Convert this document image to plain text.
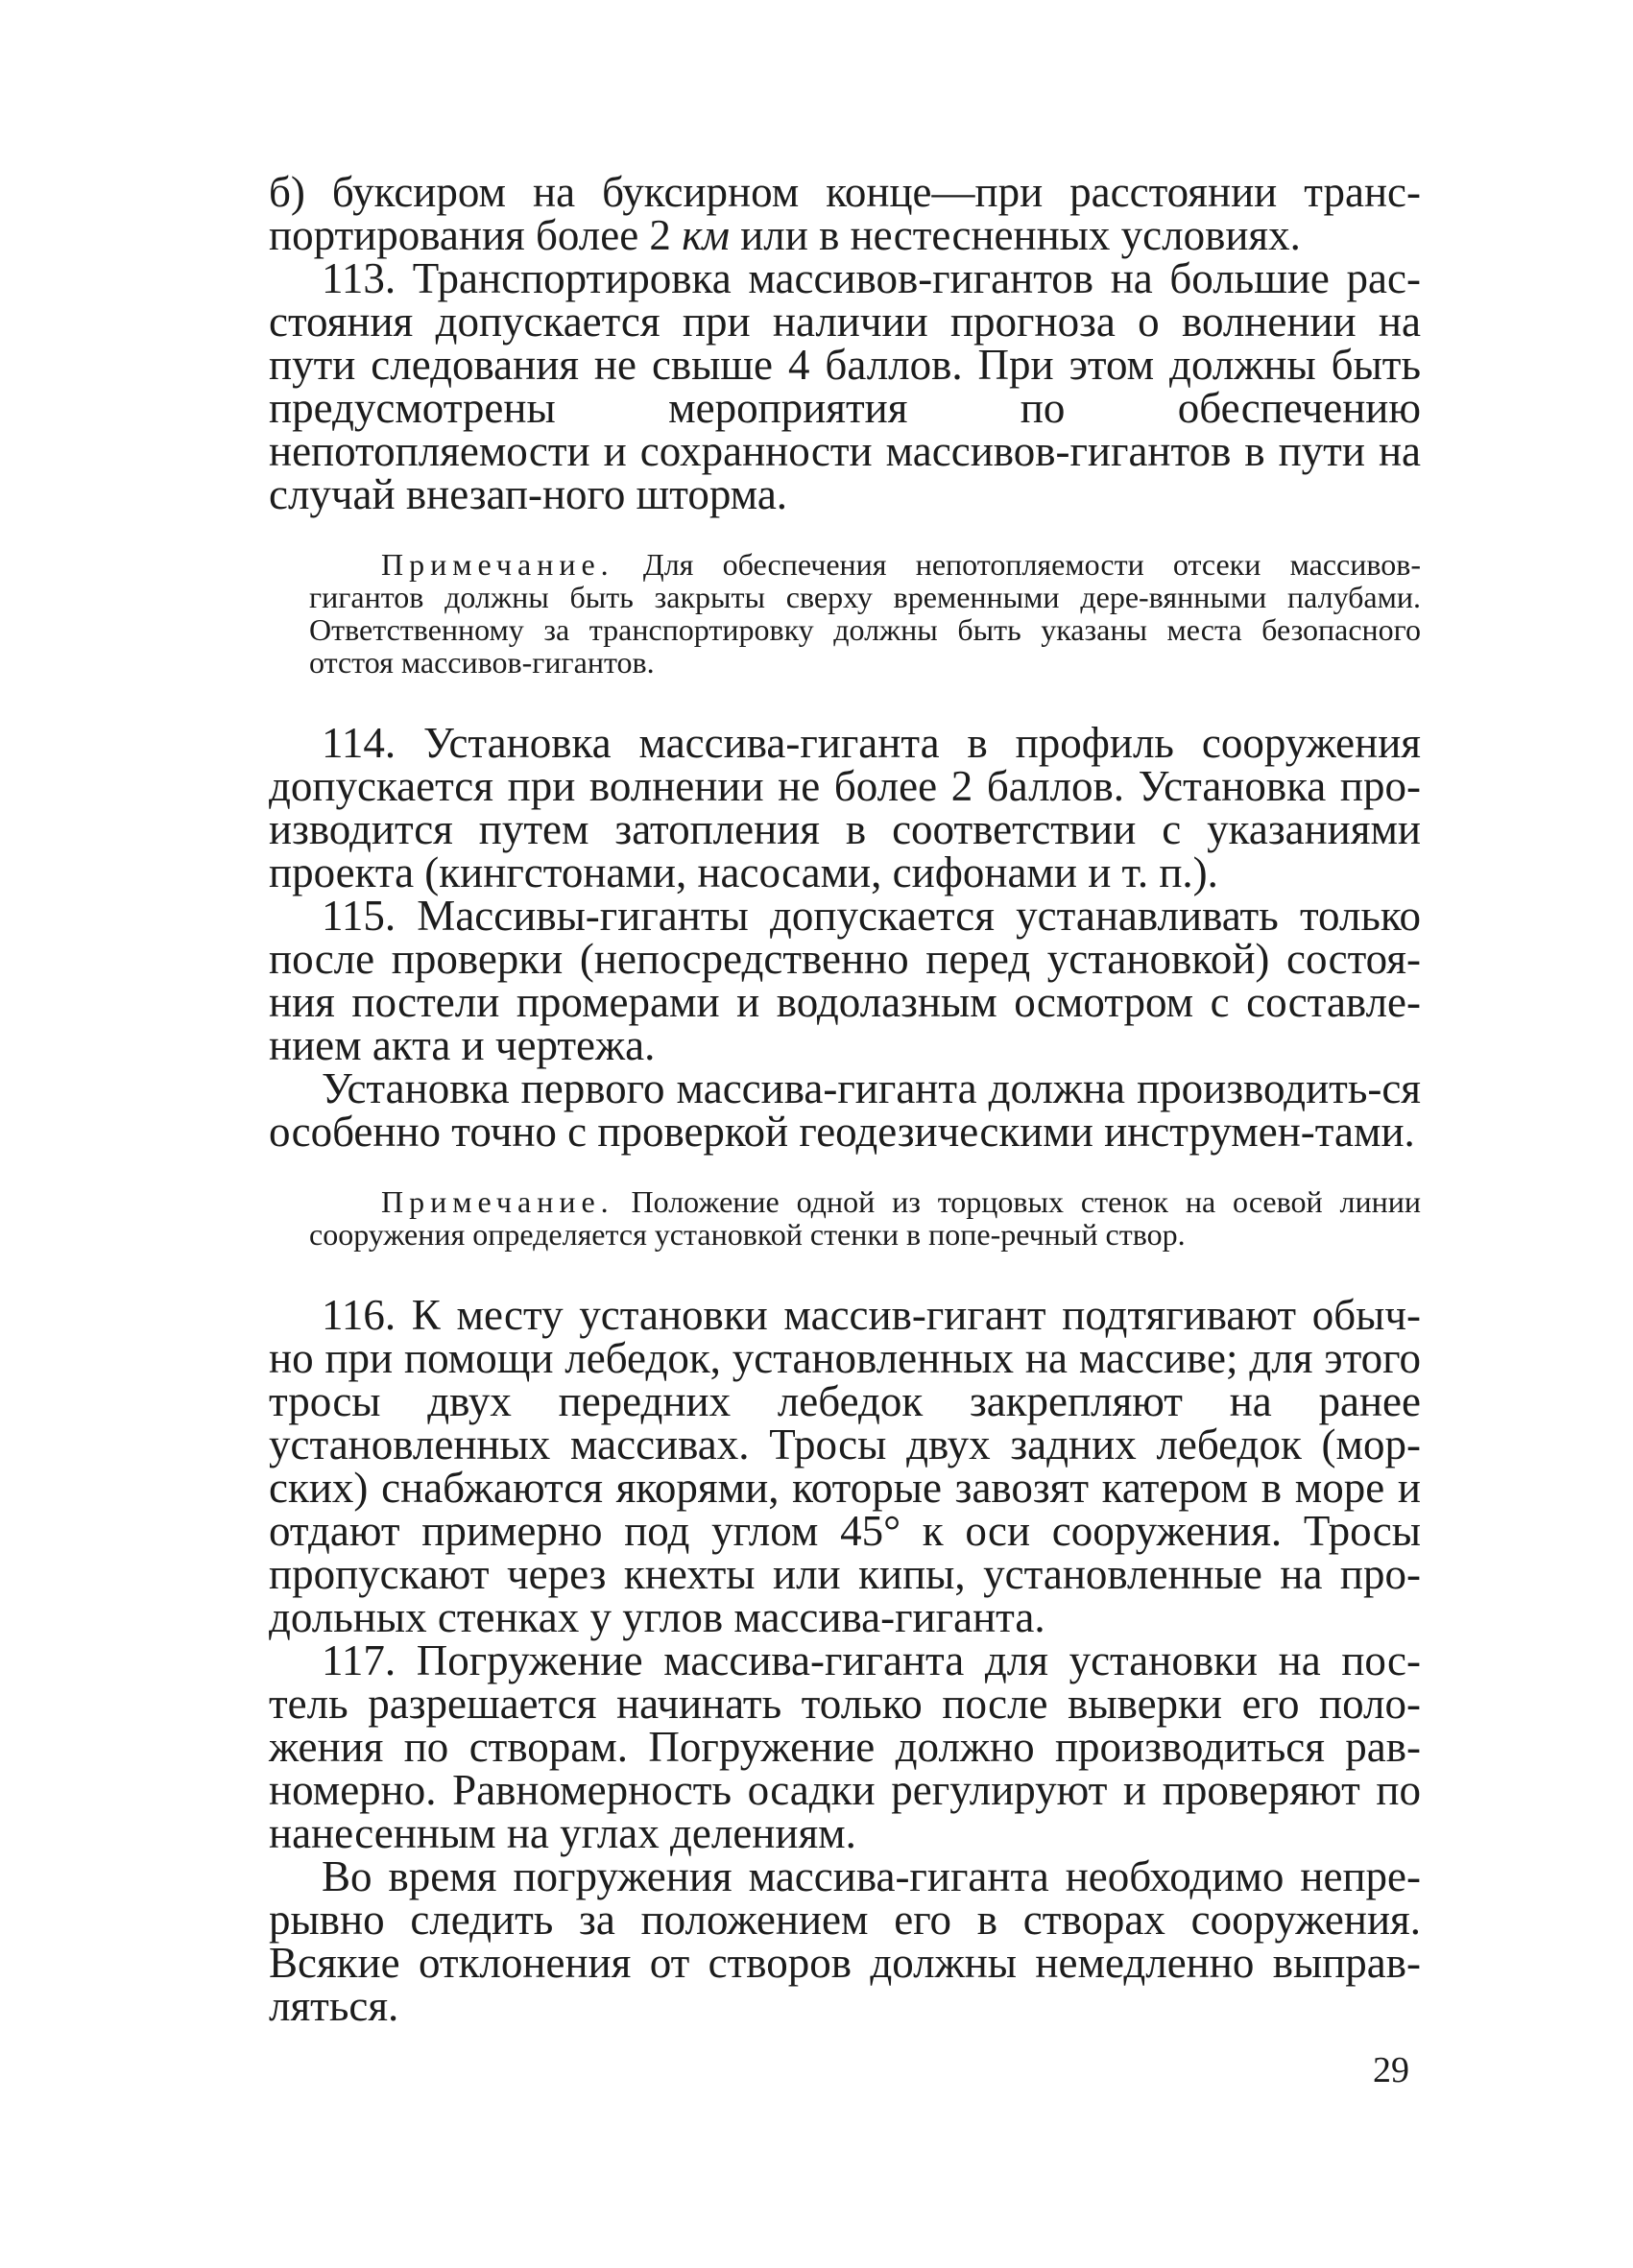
б) буксиром на буксирном конце—при расстоянии транс-портирования более 2 км или в нестесненных условиях.

113. Транспортировка массивов-гигантов на большие рас-стояния допускается при наличии прогноза о волнении на пути следования не свыше 4 баллов. При этом должны быть предусмотрены мероприятия по обеспечению непотопляемости и сохранности массивов-гигантов в пути на случай внезап-ного шторма.

Примечание. Для обеспечения непотопляемости отсеки массивов-гигантов должны быть закрыты сверху временными дере-вянными палубами. Ответственному за транспортировку должны быть указаны места безопасного отстоя массивов-гигантов.

114. Установка массива-гиганта в профиль сооружения допускается при волнении не более 2 баллов. Установка про-изводится путем затопления в соответствии с указаниями проекта (кингстонами, насосами, сифонами и т. п.).

115. Массивы-гиганты допускается устанавливать только после проверки (непосредственно перед установкой) состоя-ния постели промерами и водолазным осмотром с составле-нием акта и чертежа.

Установка первого массива-гиганта должна производить-ся особенно точно с проверкой геодезическими инструмен-тами.

Примечание. Положение одной из торцовых стенок на осевой линии сооружения определяется установкой стенки в попе-речный створ.

116. К месту установки массив-гигант подтягивают обыч-но при помощи лебедок, установленных на массиве; для этого тросы двух передних лебедок закрепляют на ранее установленных массивах. Тросы двух задних лебедок (мор-ских) снабжаются якорями, которые завозят катером в море и отдают примерно под углом 45° к оси сооружения. Тросы пропускают через кнехты или кипы, установленные на про-дольных стенках у углов массива-гиганта.

117. Погружение массива-гиганта для установки на пос-тель разрешается начинать только после выверки его поло-жения по створам. Погружение должно производиться рав-номерно. Равномерность осадки регулируют и проверяют по нанесенным на углах делениям.

Во время погружения массива-гиганта необходимо непре-рывно следить за положением его в створах сооружения. Всякие отклонения от створов должны немедленно выправ-ляться.

29
